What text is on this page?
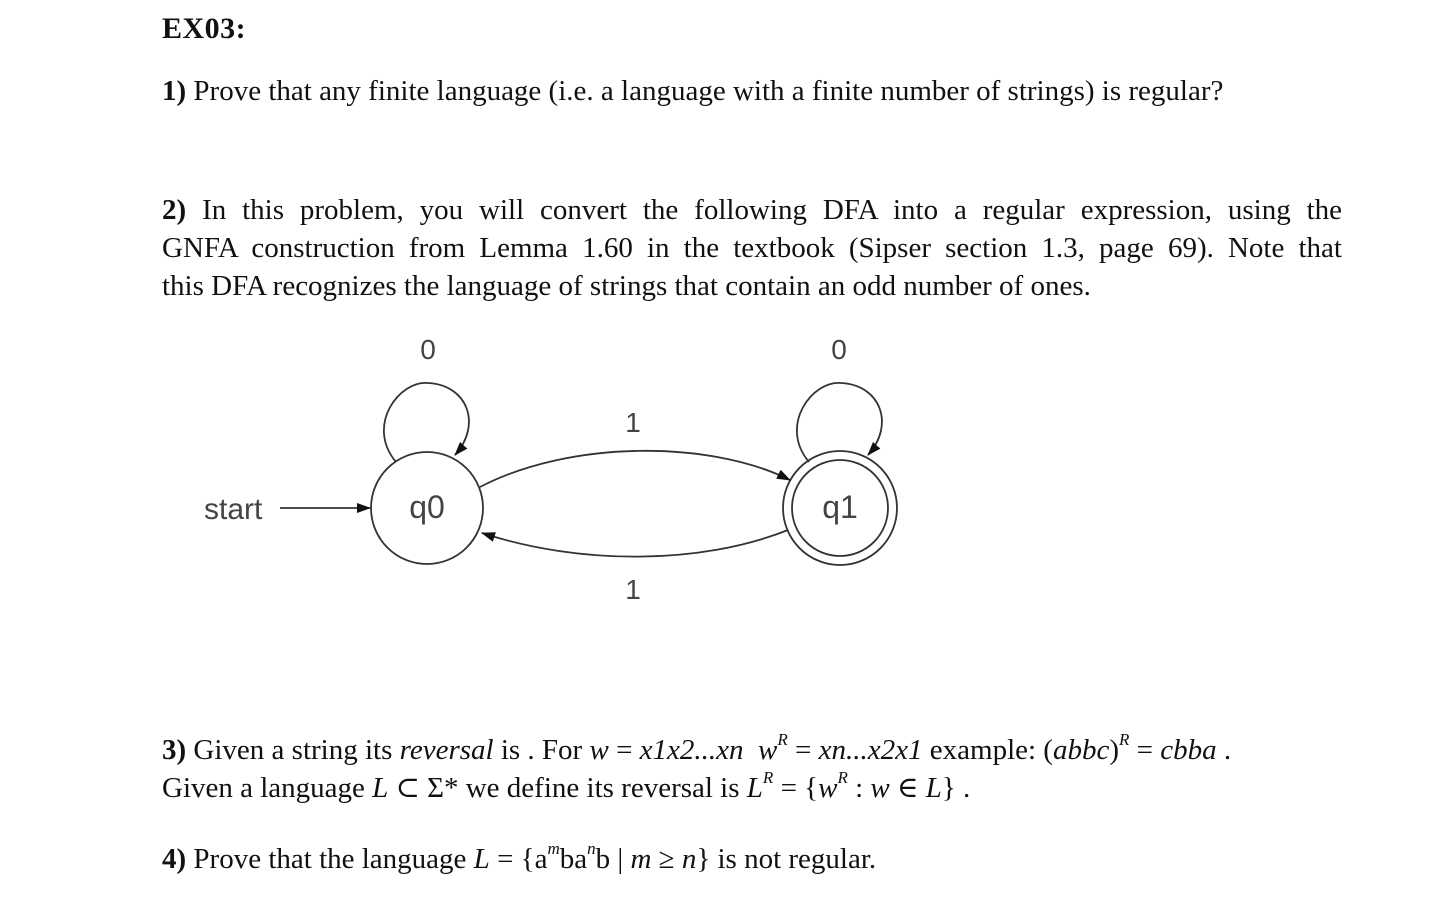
EX03:
1) Prove that any finite language (i.e. a language with a finite number of strings) is regular?
2) In this problem, you will convert the following DFA into a regular expression, using the
GNFA construction from Lemma 1.60 in the textbook (Sipser section 1.3, page 69). Note that
this DFA recognizes the language of strings that contain an odd number of ones.
start	q0	q1
0	0
1
1
3) Given a string its reversal is . For w = x1x2...xn $w^R = xn...x2x1$ example: (abbc)$^R$ = cbba .
Given a language L ⊂ Σ* we define its reversal is $L^R = \{w^R$ : w ∈ L} .
4) Prove that the language $L = \{a^mba^nb$ | m ≥ n} is not regular.
